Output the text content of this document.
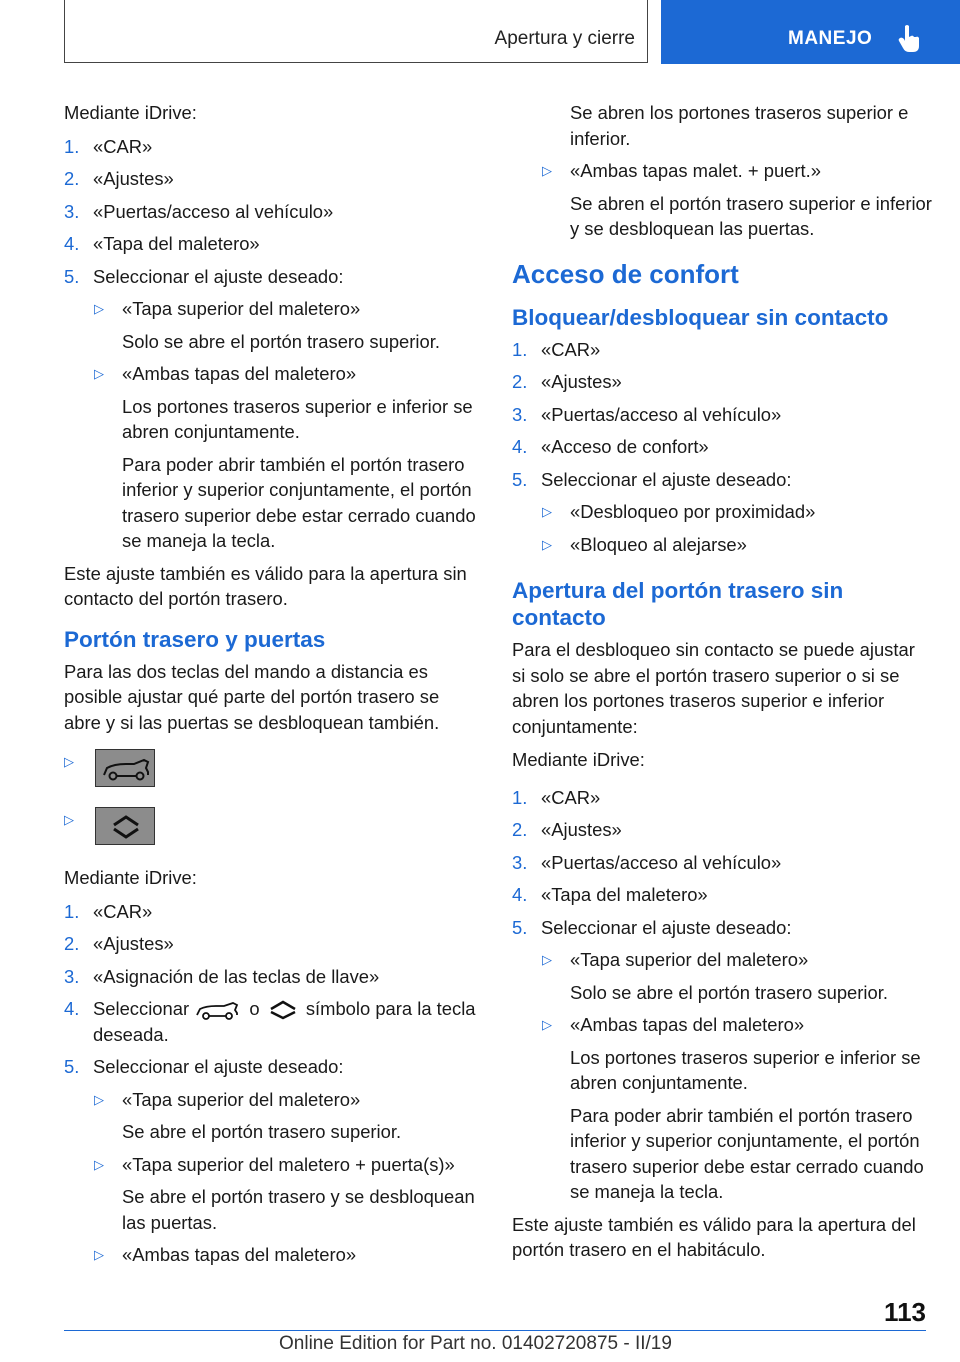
Apertura y cierre	MANEJO

Mediante iDrive:

1. «CAR»
2. «Ajustes»
3. «Puertas/acceso al vehículo»
4. «Tapa del maletero»
5. Seleccionar el ajuste deseado:
▷ «Tapa superior del maletero»

Solo se abre el portón trasero superior.

▷ «Ambas tapas del maletero»

Los portones traseros superior e inferior se abren conjuntamente.

Para poder abrir también el portón trasero inferior y superior conjuntamente, el portón trasero superior debe estar cerrado cuando se maneja la tecla.

Este ajuste también es válido para la apertura sin contacto del portón trasero.

Portón trasero y puertas

Para las dos teclas del mando a distancia es posible ajustar qué parte del portón trasero se abre y si las puertas se desbloquean también.

▷
▷

Mediante iDrive:

1. «CAR»
2. «Ajustes»
3. «Asignación de las teclas de llave»
4. Seleccionar	o	símbolo para la tecla deseada.
5. Seleccionar el ajuste deseado:
▷ «Tapa superior del maletero»

Se abre el portón trasero superior.

▷ «Tapa superior del maletero + puerta(s)»

Se abre el portón trasero y se desbloquean las puertas.

▷ «Ambas tapas del maletero»

Se abren los portones traseros superior e inferior.

▷ «Ambas tapas malet. + puert.»

Se abren el portón trasero superior e inferior y se desbloquean las puertas.

Acceso de confort
Bloquear/desbloquear sin contacto
1. «CAR»
2. «Ajustes»
3. «Puertas/acceso al vehículo»
4. «Acceso de confort»
5. Seleccionar el ajuste deseado:
▷ «Desbloqueo por proximidad»
▷ «Bloqueo al alejarse»
Apertura del portón trasero sin contacto

Para el desbloqueo sin contacto se puede ajustar si solo se abre el portón trasero superior o si se abren los portones traseros superior e inferior conjuntamente:

Mediante iDrive:

1. «CAR»
2. «Ajustes»
3. «Puertas/acceso al vehículo»
4. «Tapa del maletero»
5. Seleccionar el ajuste deseado:
▷ «Tapa superior del maletero»

Solo se abre el portón trasero superior.

▷ «Ambas tapas del maletero»

Los portones traseros superior e inferior se abren conjuntamente.

Para poder abrir también el portón trasero inferior y superior conjuntamente, el portón trasero superior debe estar cerrado cuando se maneja la tecla.

Este ajuste también es válido para la apertura del portón trasero en el habitáculo.

113
Online Edition for Part no. 01402720875 - II/19
